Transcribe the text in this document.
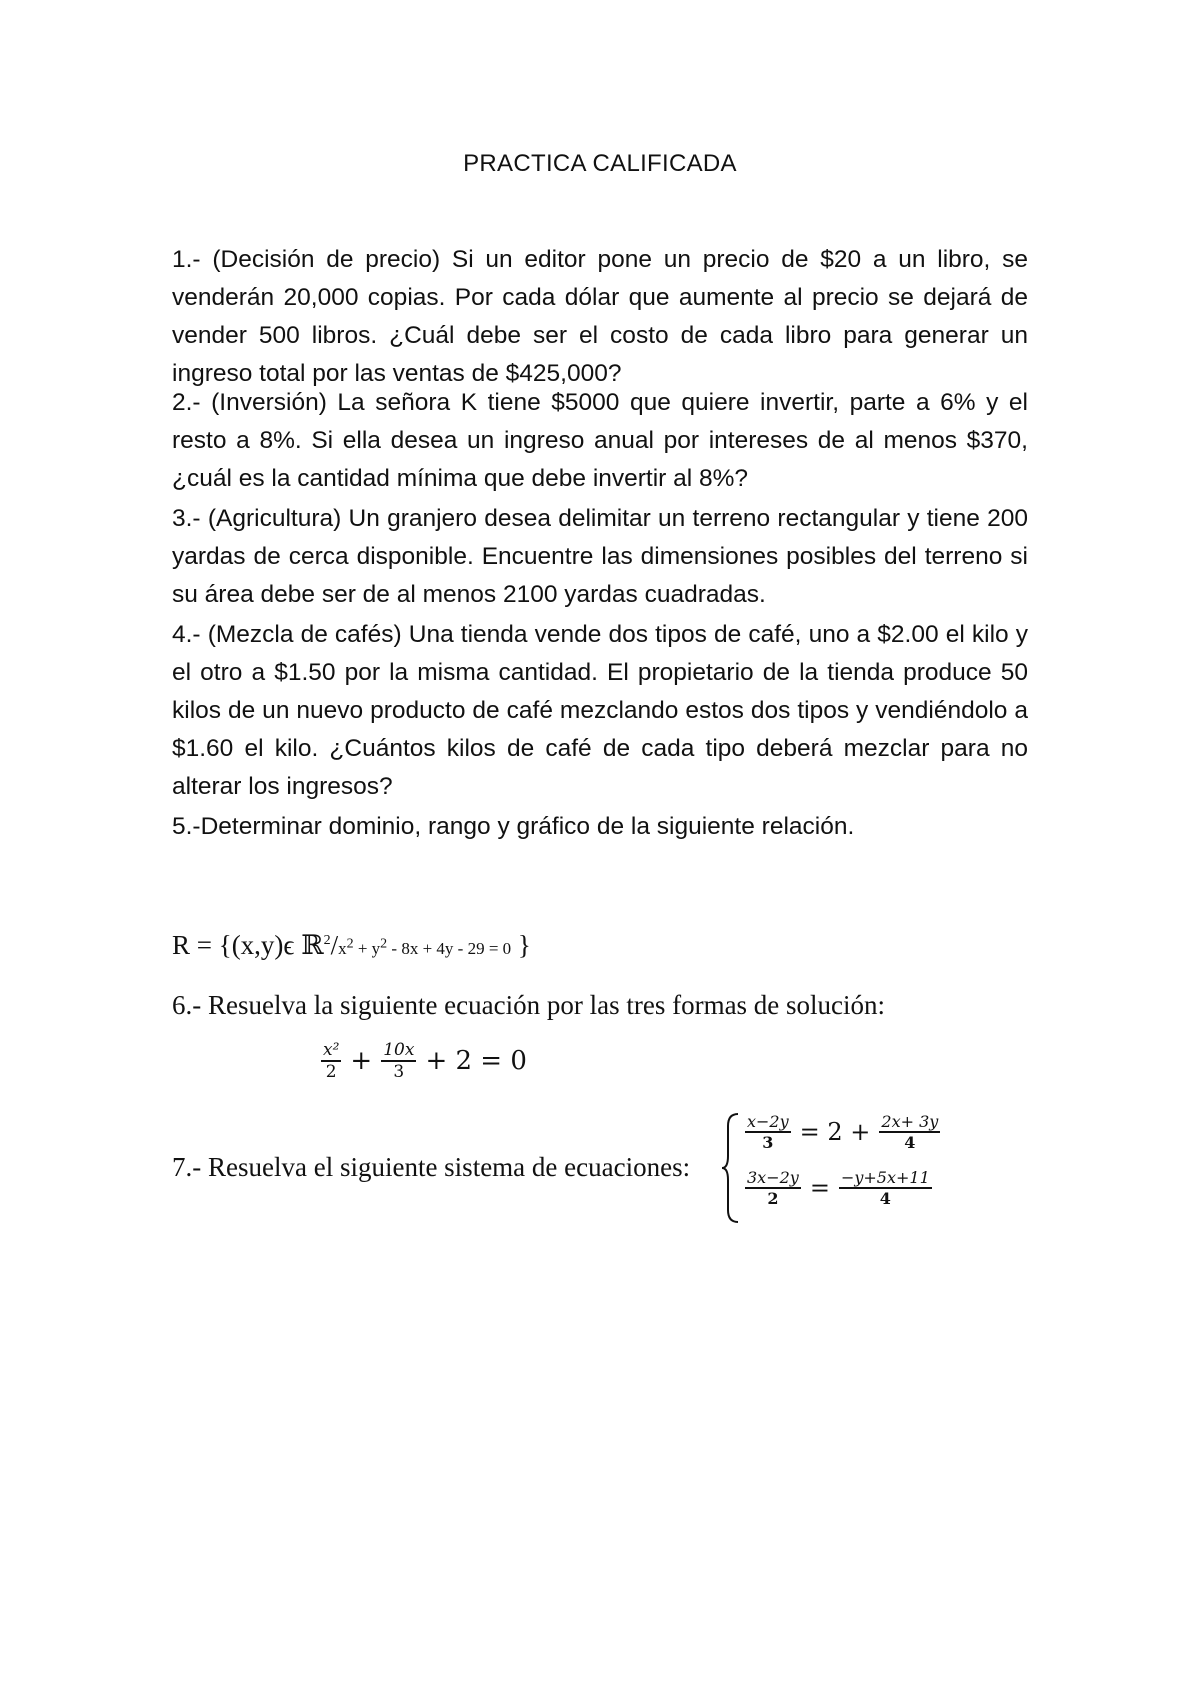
PRACTICA CALIFICADA
1.- (Decisión de precio) Si un editor pone un precio de $20 a un libro, se venderán 20,000 copias. Por cada dólar que aumente al precio se dejará de vender 500 libros. ¿Cuál debe ser el costo de cada libro para generar un ingreso total por las ventas de $425,000?
2.- (Inversión) La señora K tiene $5000 que quiere invertir, parte a 6% y el resto a 8%. Si ella desea un ingreso anual por intereses de al menos $370, ¿cuál es la cantidad mínima que debe invertir al 8%?
3.- (Agricultura) Un granjero desea delimitar un terreno rectangular y tiene 200 yardas de cerca disponible. Encuentre las dimensiones posibles del terreno si su área debe ser de al menos 2100 yardas cuadradas.
4.- (Mezcla de cafés) Una tienda vende dos tipos de café, uno a $2.00 el kilo y el otro a $1.50 por la misma cantidad. El propietario de la tienda produce 50 kilos de un nuevo producto de café mezclando estos dos tipos y vendiéndolo a $1.60 el kilo. ¿Cuántos kilos de café de cada tipo deberá mezclar para no alterar los ingresos?
5.-Determinar dominio, rango y gráfico de la siguiente relación.
R = {(x,y)ϵ $ℝ^2/x^2 + y^2 - 8x + 4y - 29 = 0$ }
6.- Resuelva la siguiente ecuación por las tres formas de solución:
$\frac{\text{x²}}{2} + \frac{10x}{3} + 2 = 0$
7.- Resuelva el siguiente sistema de ecuaciones:
$\frac{x-2y}{3} = 2 + \frac{2x+ 3y}{4}$
$\frac{3x-2y}{2} = \frac{-y+5x+11}{4}$
